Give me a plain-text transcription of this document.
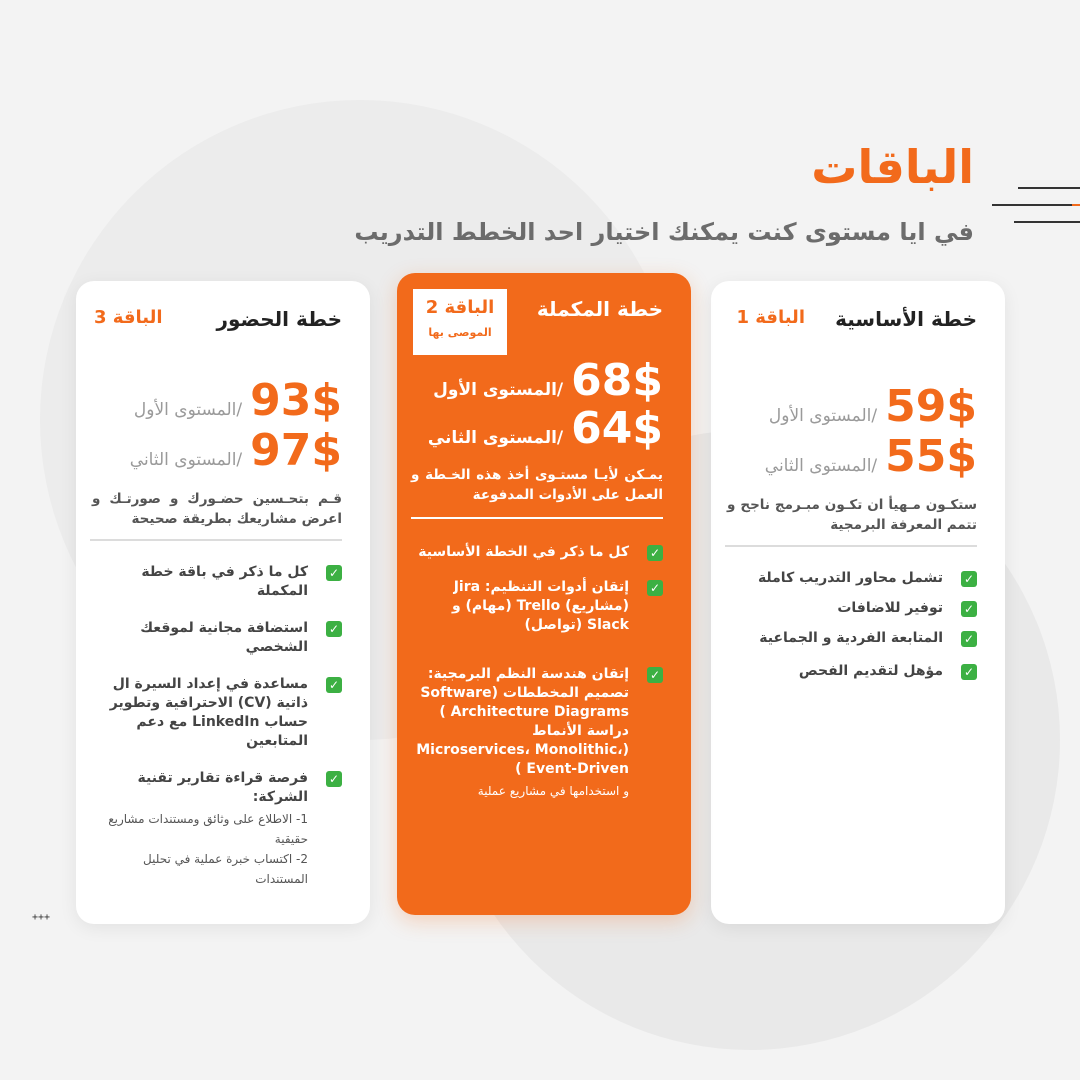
+++
الباقات

في ايا مستوى كنت يمكنك اختيار احد الخطط التدريب

خطة الأساسية
الباقة 1
59$
/المستوى الأول
55$
/المستوى الثاني

ستكـون مـهيأ ان تكـون مبـرمج ناجح و تتمم المعرفة البرمجية

✓
تشمل محاور التدريب كاملة
✓
توفير للاضافات
✓
المتابعة الفردية و الجماعية
✓
مؤهل لتقديم الفحص
خطة المكملة
الباقة 2
الموصى بها
68$
/المستوى الأول
64$
/المستوى الثاني

يمـكن لأيـا مستـوى أخذ هذه الخـطة و العمل على الأدوات المدفوعة

✓
كل ما ذكر في الخطة الأساسية
✓
إتقان أدوات التنظيم: Jira (مشاريع) Trello (مهام) و Slack (تواصل)
✓
إتقان هندسة النظم البرمجية: تصميم المخططات (Software Architecture Diagrams ) دراسة الأنماط (Microservices، Monolithic، Event-Driven )
و استخدامها في مشاريع عملية
خطة الحضور
الباقة 3
93$
/المستوى الأول
97$
/المستوى الثاني

قـم بتحـسين حضـورك و صورتـك و اعرض مشاريعك بطريقة صحيحة

✓
كل ما ذكر في باقة خطة المكملة
✓
استضافة مجانية لموقعك الشخصي
✓
مساعدة في إعداد السيرة ال ذاتية (CV) الاحترافية وتطوير حساب LinkedIn مع دعم المتابعين
✓
فرصة قراءة تقارير تقنية الشركة:
1- الاطلاع على وثائق ومستندات مشاريع حقيقية
2- اكتساب خبرة عملية في تحليل المستندات
